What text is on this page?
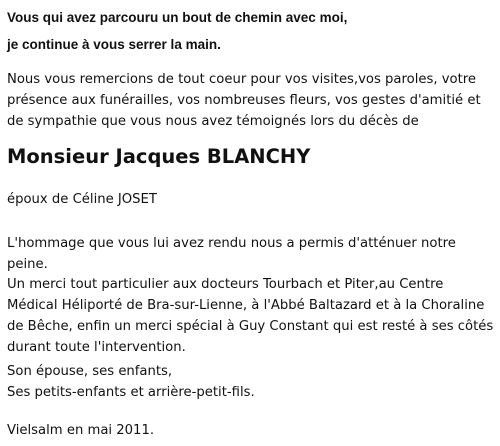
Vous qui avez parcouru un bout de chemin avec moi,
je continue à vous serrer la main.
Nous vous remercions de tout coeur pour vos visites,vos paroles, votre présence aux funérailles, vos nombreuses fleurs, vos gestes d'amitié et de sympathie que vous nous avez témoignés lors du décès de
Monsieur Jacques BLANCHY
époux de Céline JOSET
L'hommage que vous lui avez rendu nous a permis d'atténuer notre peine.
Un merci tout particulier aux docteurs Tourbach et Piter,au Centre Médical Héliporté de Bra-sur-Lienne, à l'Abbé Baltazard et à la Choraline de Bêche, enfin un merci spécial à Guy Constant qui est resté à ses côtés durant toute l'intervention.
Son épouse, ses enfants,
Ses petits-enfants et arrière-petit-fils.
Vielsalm en mai 2011.
